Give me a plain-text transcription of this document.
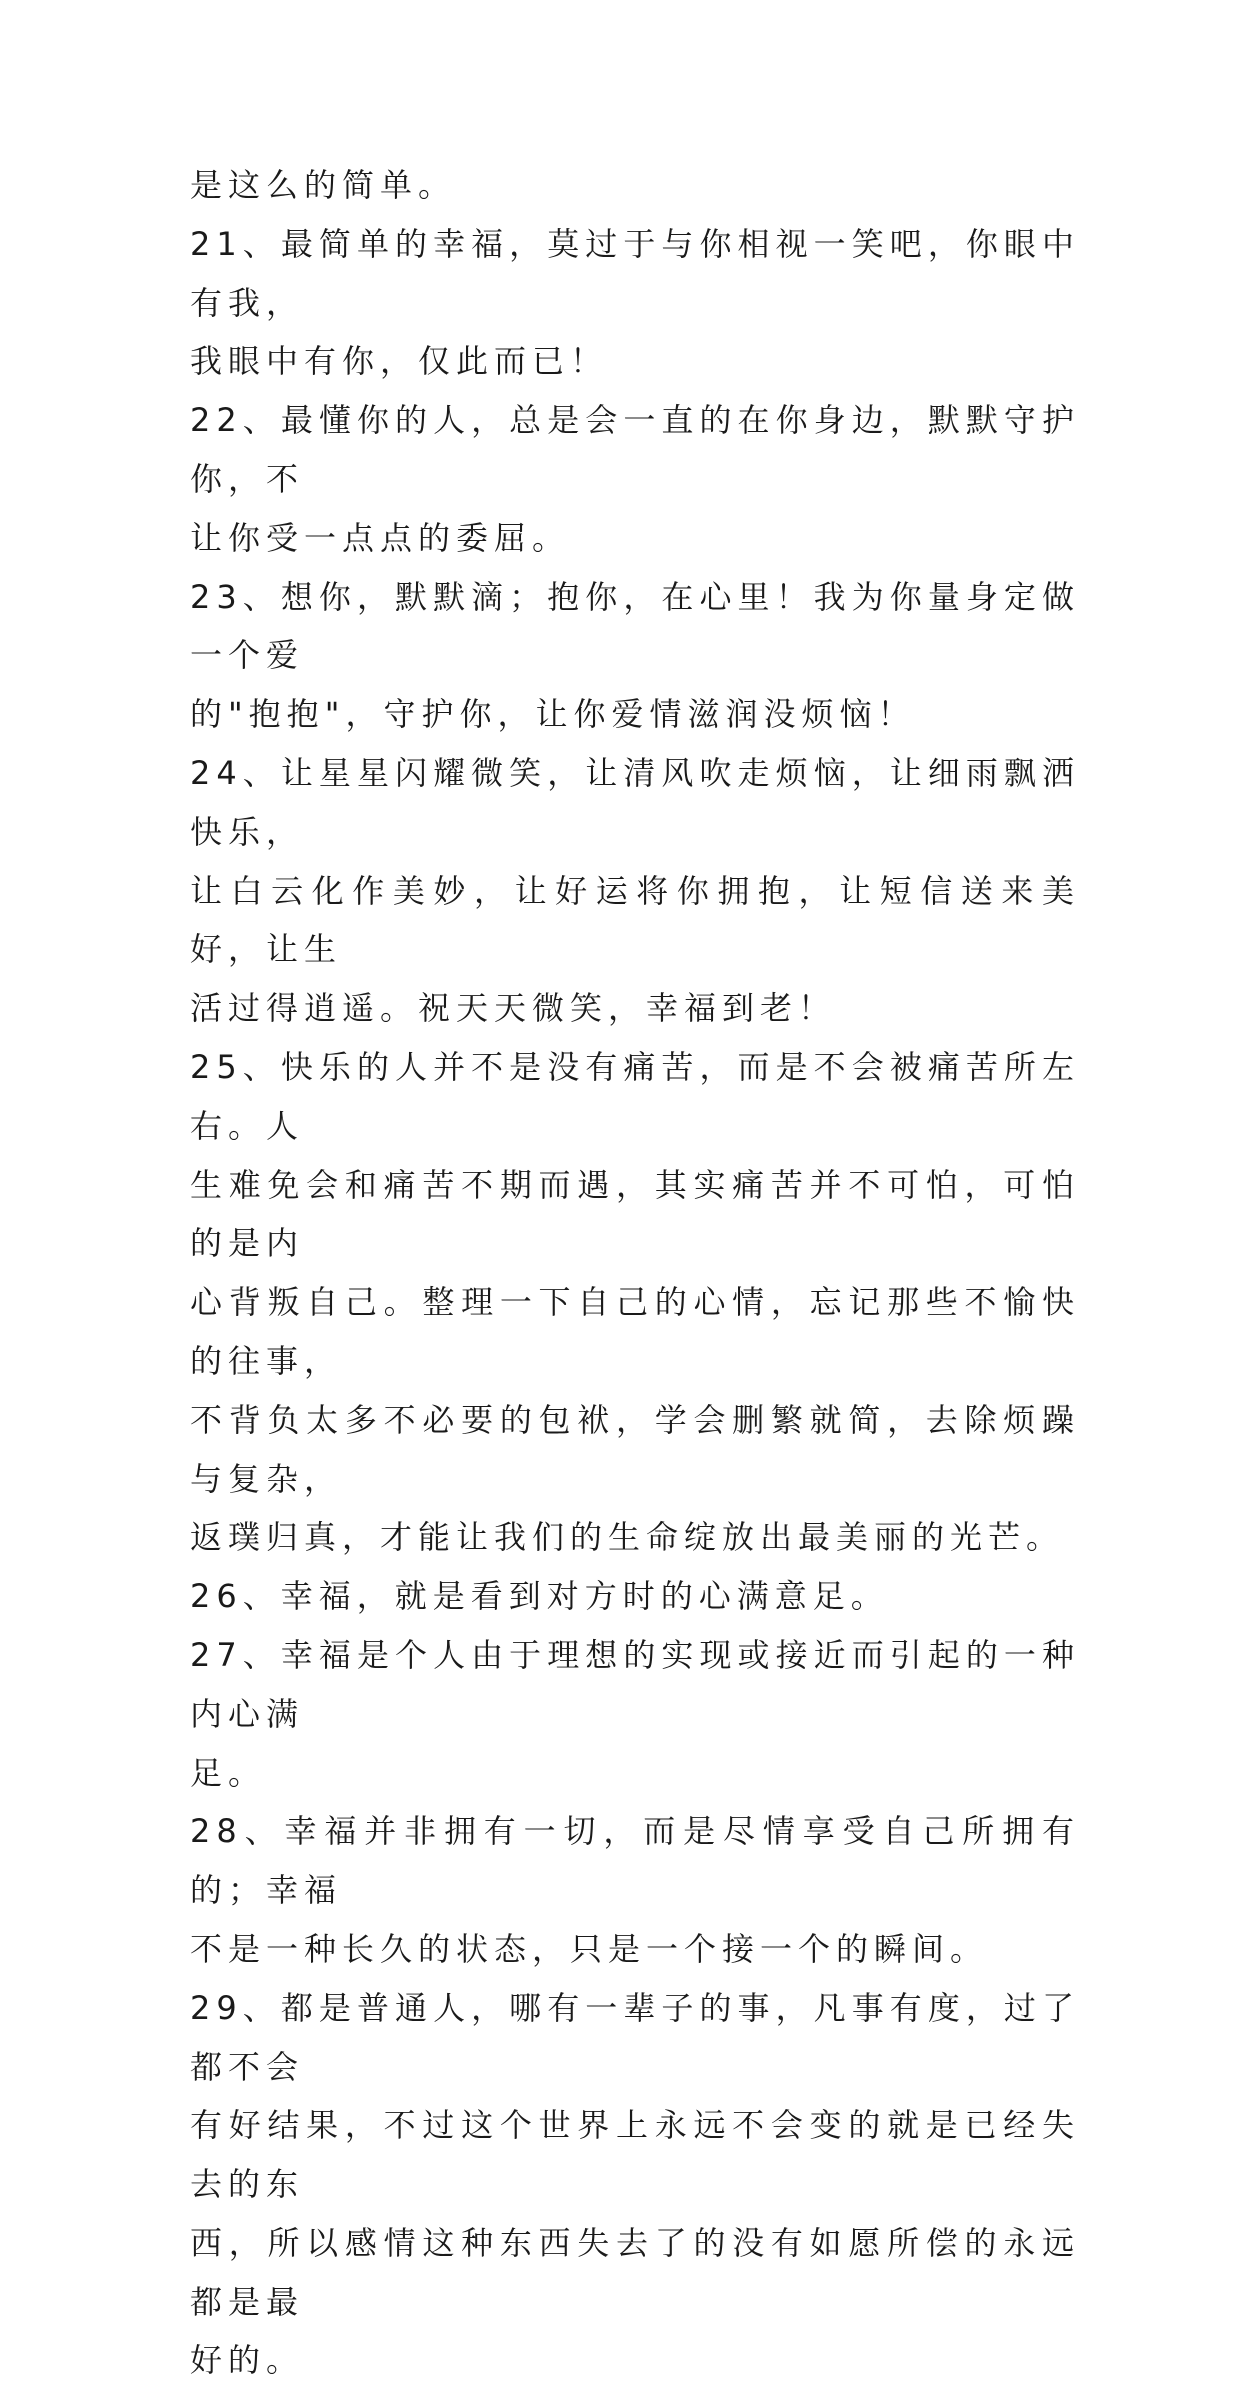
是这么的简单。
21、最简单的幸福，莫过于与你相视一笑吧，你眼中有我，
我眼中有你，仅此而已！
22、最懂你的人，总是会一直的在你身边，默默守护你，不
让你受一点点的委屈。
23、想你，默默滴；抱你，在心里！我为你量身定做一个爱
的"抱抱"，守护你，让你爱情滋润没烦恼！
24、让星星闪耀微笑，让清风吹走烦恼，让细雨飘洒快乐，
让白云化作美妙，让好运将你拥抱，让短信送来美好，让生
活过得逍遥。祝天天微笑，幸福到老！
25、快乐的人并不是没有痛苦，而是不会被痛苦所左右。人
生难免会和痛苦不期而遇，其实痛苦并不可怕，可怕的是内
心背叛自己。整理一下自己的心情，忘记那些不愉快的往事，
不背负太多不必要的包袱，学会删繁就简，去除烦躁与复杂，
返璞归真，才能让我们的生命绽放出最美丽的光芒。
26、幸福，就是看到对方时的心满意足。
27、幸福是个人由于理想的实现或接近而引起的一种内心满
足。
28、幸福并非拥有一切，而是尽情享受自己所拥有的；幸福
不是一种长久的状态，只是一个接一个的瞬间。
29、都是普通人，哪有一辈子的事，凡事有度，过了都不会
有好结果，不过这个世界上永远不会变的就是已经失去的东
西，所以感情这种东西失去了的没有如愿所偿的永远都是最
好的。
